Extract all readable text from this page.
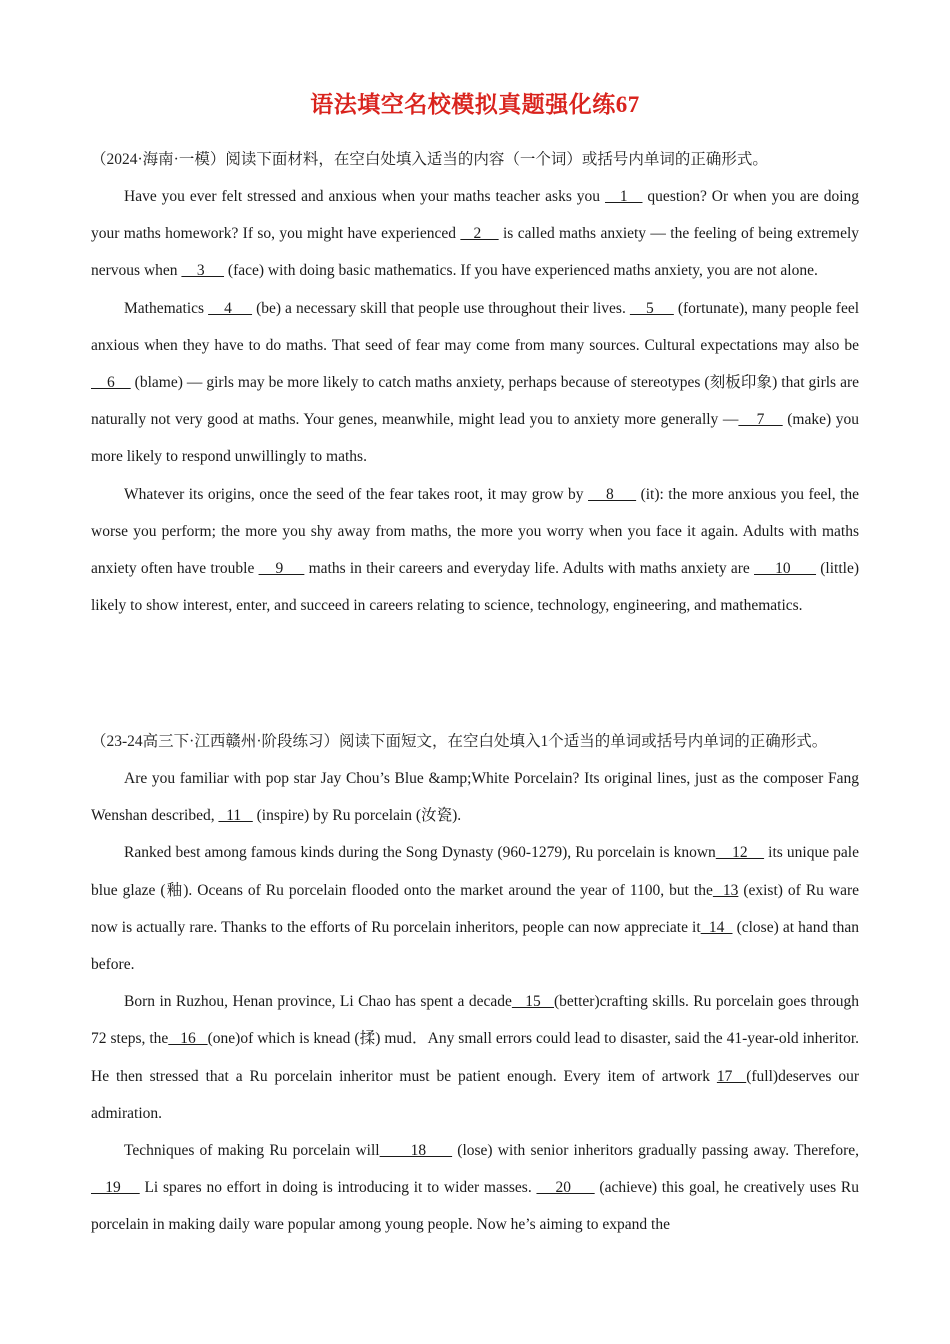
语法填空名校模拟真题强化练67

（2024·海南·一模）阅读下面材料，在空白处填入适当的内容（一个词）或括号内单词的正确形式。

Have you ever felt stressed and anxious when your maths teacher asks you    1    question? Or when you are doing your maths homework? If so, you might have experienced    2     is called maths anxiety — the feeling of being extremely nervous when     3      (face) with doing basic mathematics. If you have experienced maths anxiety, you are not alone.

Mathematics     4      (be) a necessary skill that people use throughout their lives.     5      (fortunate), many people feel anxious when they have to do maths. That seed of fear may come from many sources. Cultural expectations may also be     6     (blame) — girls may be more likely to catch maths anxiety, perhaps because of stereotypes (刻板印象) that girls are naturally not very good at maths. Your genes, meanwhile, might lead you to anxiety more generally —    7     (make) you more likely to respond unwillingly to maths.

Whatever its origins, once the seed of the fear takes root, it may grow by     8      (it): the more anxious you feel, the worse you perform; the more you shy away from maths, the more you worry when you face it again. Adults with maths anxiety often have trouble     9      maths in their careers and everyday life. Adults with maths anxiety are      10       (little) likely to show interest, enter, and succeed in careers relating to science, technology, engineering, and mathematics.

（23-24高三下·江西赣州·阶段练习）阅读下面短文，在空白处填入1个适当的单词或括号内单词的正确形式。

Are you familiar with pop star Jay Chou’s Blue &amp;White Porcelain? Its original lines, just as the composer Fang Wenshan described,   11    (inspire) by Ru porcelain (汝瓷).

Ranked best among famous kinds during the Song Dynasty (960-1279), Ru porcelain is known    12     its unique pale blue glaze (釉). Oceans of Ru porcelain flooded onto the market around the year of 1100, but the  13 (exist) of Ru ware now is actually rare. Thanks to the efforts of Ru porcelain inheritors, people can now appreciate it  14   (close) at hand than before.

Born in Ruzhou, Henan province, Li Chao has spent a decade   15   (better)crafting skills. Ru porcelain goes through 72 steps, the   16   (one)of which is knead (揉) mud．Any small errors could lead to disaster, said the 41-year-old inheritor. He then stressed that a Ru porcelain inheritor must be patient enough. Every item of artwork 17  (full)deserves our admiration.

Techniques of making Ru porcelain will      18      (lose) with senior inheritors gradually passing away. Therefore,    19     Li spares no effort in doing is introducing it to wider masses.     20      (achieve) this goal, he creatively uses Ru porcelain in making daily ware popular among young people. Now he’s aiming to expand the
